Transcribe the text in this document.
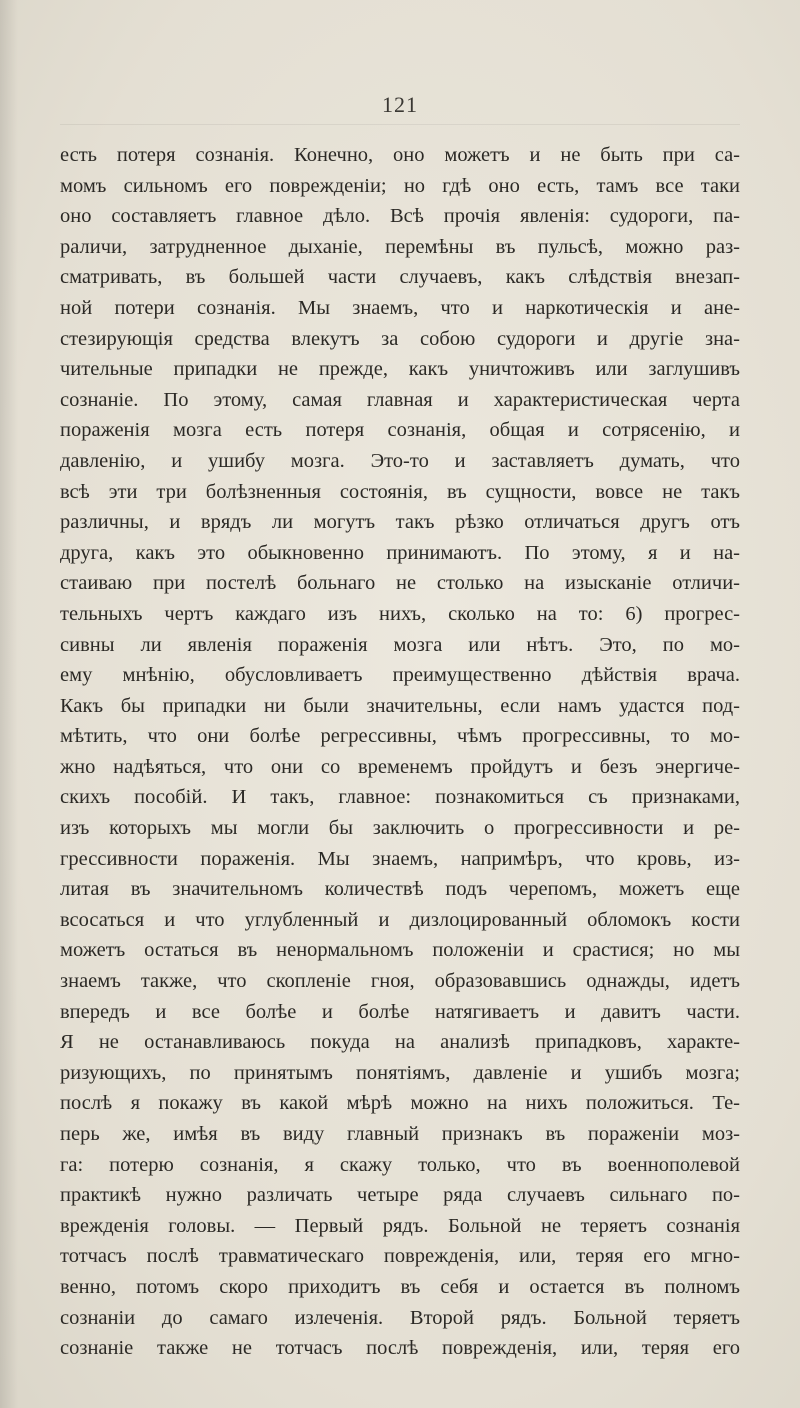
121
есть потеря сознанія. Конечно, оно можетъ и не быть при са-
момъ сильномъ его поврежденіи; но гдѣ оно есть, тамъ все таки
оно составляетъ главное дѣло. Всѣ прочія явленія: судороги, па-
раличи, затрудненное дыханіе, перемѣны въ пульсѣ, можно раз-
сматривать, въ большей части случаевъ, какъ слѣдствія внезап-
ной потери сознанія. Мы знаемъ, что и наркотическія и ане-
стезирующія средства влекутъ за собою судороги и другіе зна-
чительные припадки не прежде, какъ уничтоживъ или заглушивъ
сознаніе. По этому, самая главная и характеристическая черта
пораженія мозга есть потеря сознанія, общая и сотрясенію, и
давленію, и ушибу мозга. Это-то и заставляетъ думать, что
всѣ эти три болѣзненныя состоянія, въ сущности, вовсе не такъ
различны, и врядъ ли могутъ такъ рѣзко отличаться другъ отъ
друга, какъ это обыкновенно принимаютъ. По этому, я и на-
стаиваю при постелѣ больнаго не столько на изысканіе отличи-
тельныхъ чертъ каждаго изъ нихъ, сколько на то: 6) прогрес-
сивны ли явленія пораженія мозга или нѣтъ. Это, по мо-
ему мнѣнію, обусловливаетъ преимущественно дѣйствія врача.
Какъ бы припадки ни были значительны, если намъ удастся под-
мѣтить, что они болѣе регрессивны, чѣмъ прогрессивны, то мо-
жно надѣяться, что они со временемъ пройдутъ и безъ энергиче-
скихъ пособій. И такъ, главное: познакомиться съ признаками,
изъ которыхъ мы могли бы заключить о прогрессивности и ре-
грессивности пораженія. Мы знаемъ, напримѣръ, что кровь, из-
литая въ значительномъ количествѣ подъ черепомъ, можетъ еще
всосаться и что углубленный и дизлоцированный обломокъ кости
можетъ остаться въ ненормальномъ положеніи и срастися; но мы
знаемъ также, что скопленіе гноя, образовавшись однажды, идетъ
впередъ и все болѣе и болѣе натягиваетъ и давитъ части.
Я не останавливаюсь покуда на анализѣ припадковъ, характе-
ризующихъ, по принятымъ понятіямъ, давленіе и ушибъ мозга;
послѣ я покажу въ какой мѣрѣ можно на нихъ положиться. Те-
перь же, имѣя въ виду главный признакъ въ пораженіи моз-
га: потерю сознанія, я скажу только, что въ военнополевой
практикѣ нужно различать четыре ряда случаевъ сильнаго по-
врежденія головы. — Первый рядъ. Больной не теряетъ сознанія
тотчасъ послѣ травматическаго поврежденія, или, теряя его мгно-
венно, потомъ скоро приходитъ въ себя и остается въ полномъ
сознаніи до самаго излеченія. Второй рядъ. Больной теряетъ
сознаніе также не тотчасъ послѣ поврежденія, или, теряя его
